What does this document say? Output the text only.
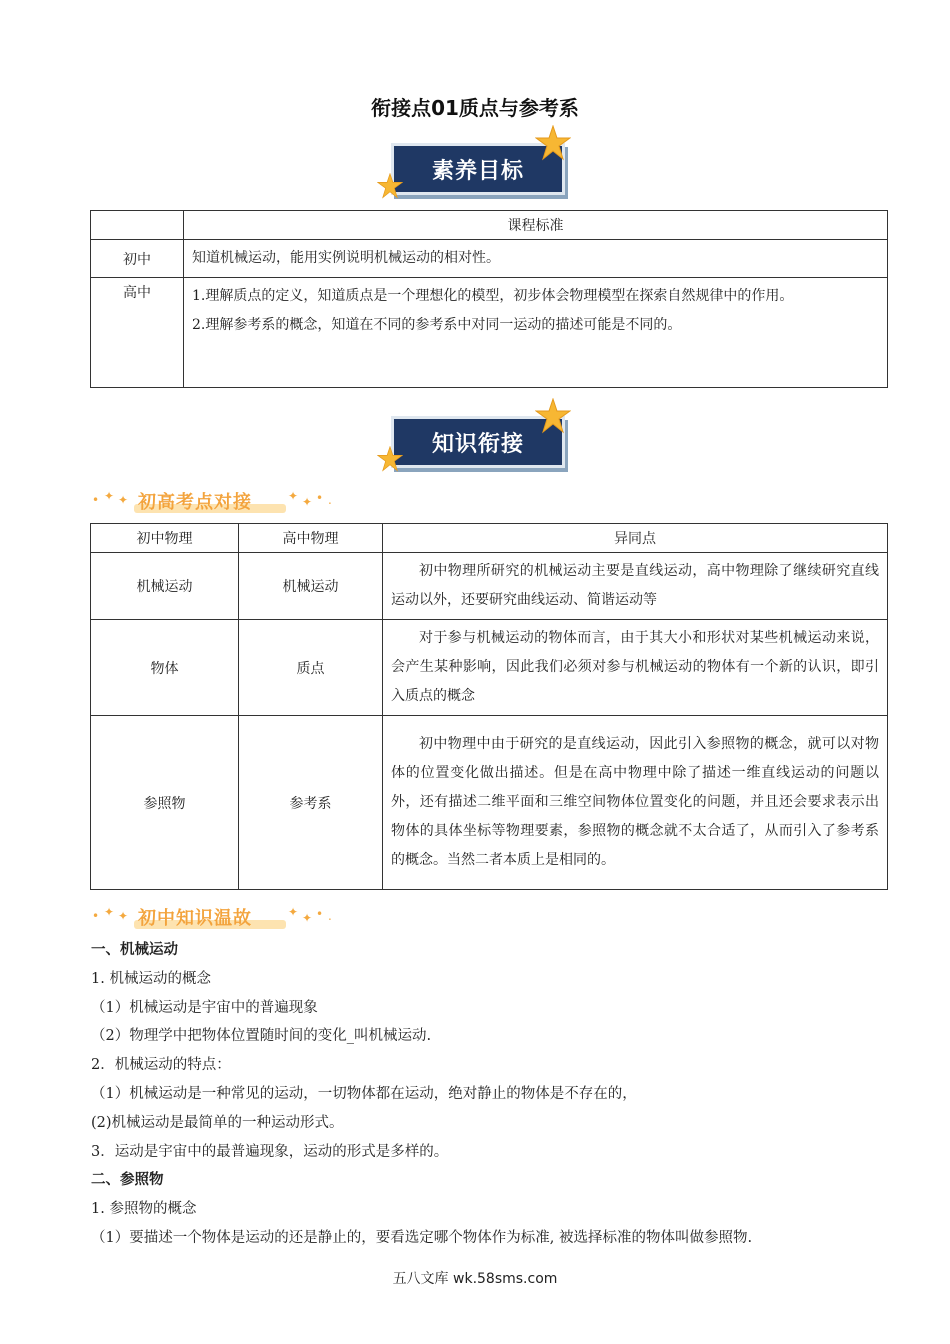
衔接点01质点与参考系
素养目标
	课程标准
初中	知道机械运动，能用实例说明机械运动的相对性。
高中	1.理解质点的定义，知道质点是一个理想化的模型，初步体会物理模型在探索自然规律中的作用。
2.理解参考系的概念，知道在不同的参考系中对同一运动的描述可能是不同的。
知识衔接
• ✦ ✦ 初高考点对接	✦ ✦ • .
初中物理	高中物理	异同点
机械运动	机械运动	初中物理所研究的机械运动主要是直线运动，高中物理除了继续研究直线运动以外，还要研究曲线运动、简谐运动等
物体	质点	对于参与机械运动的物体而言，由于其大小和形状对某些机械运动来说，会产生某种影响，因此我们必须对参与机械运动的物体有一个新的认识，即引入质点的概念
参照物	参考系	初中物理中由于研究的是直线运动，因此引入参照物的概念，就可以对物体的位置变化做出描述。但是在高中物理中除了描述一维直线运动的问题以外，还有描述二维平面和三维空间物体位置变化的问题，并且还会要求表示出物体的具体坐标等物理要素，参照物的概念就不太合适了，从而引入了参考系的概念。当然二者本质上是相同的。
• ✦ ✦ 初中知识温故	✦ ✦ • .
一、机械运动
1. 机械运动的概念
（1）机械运动是宇宙中的普遍现象
（2）物理学中把物体位置随时间的变化_叫机械运动.
2．机械运动的特点：
（1）机械运动是一种常见的运动，一切物体都在运动，绝对静止的物体是不存在的，
(2)机械运动是最简单的一种运动形式。
3．运动是宇宙中的最普遍现象，运动的形式是多样的。
二、参照物
1. 参照物的概念
（1）要描述一个物体是运动的还是静止的，要看选定哪个物体作为标准, 被选择标准的物体叫做参照物.
五八文库 wk.58sms.com
